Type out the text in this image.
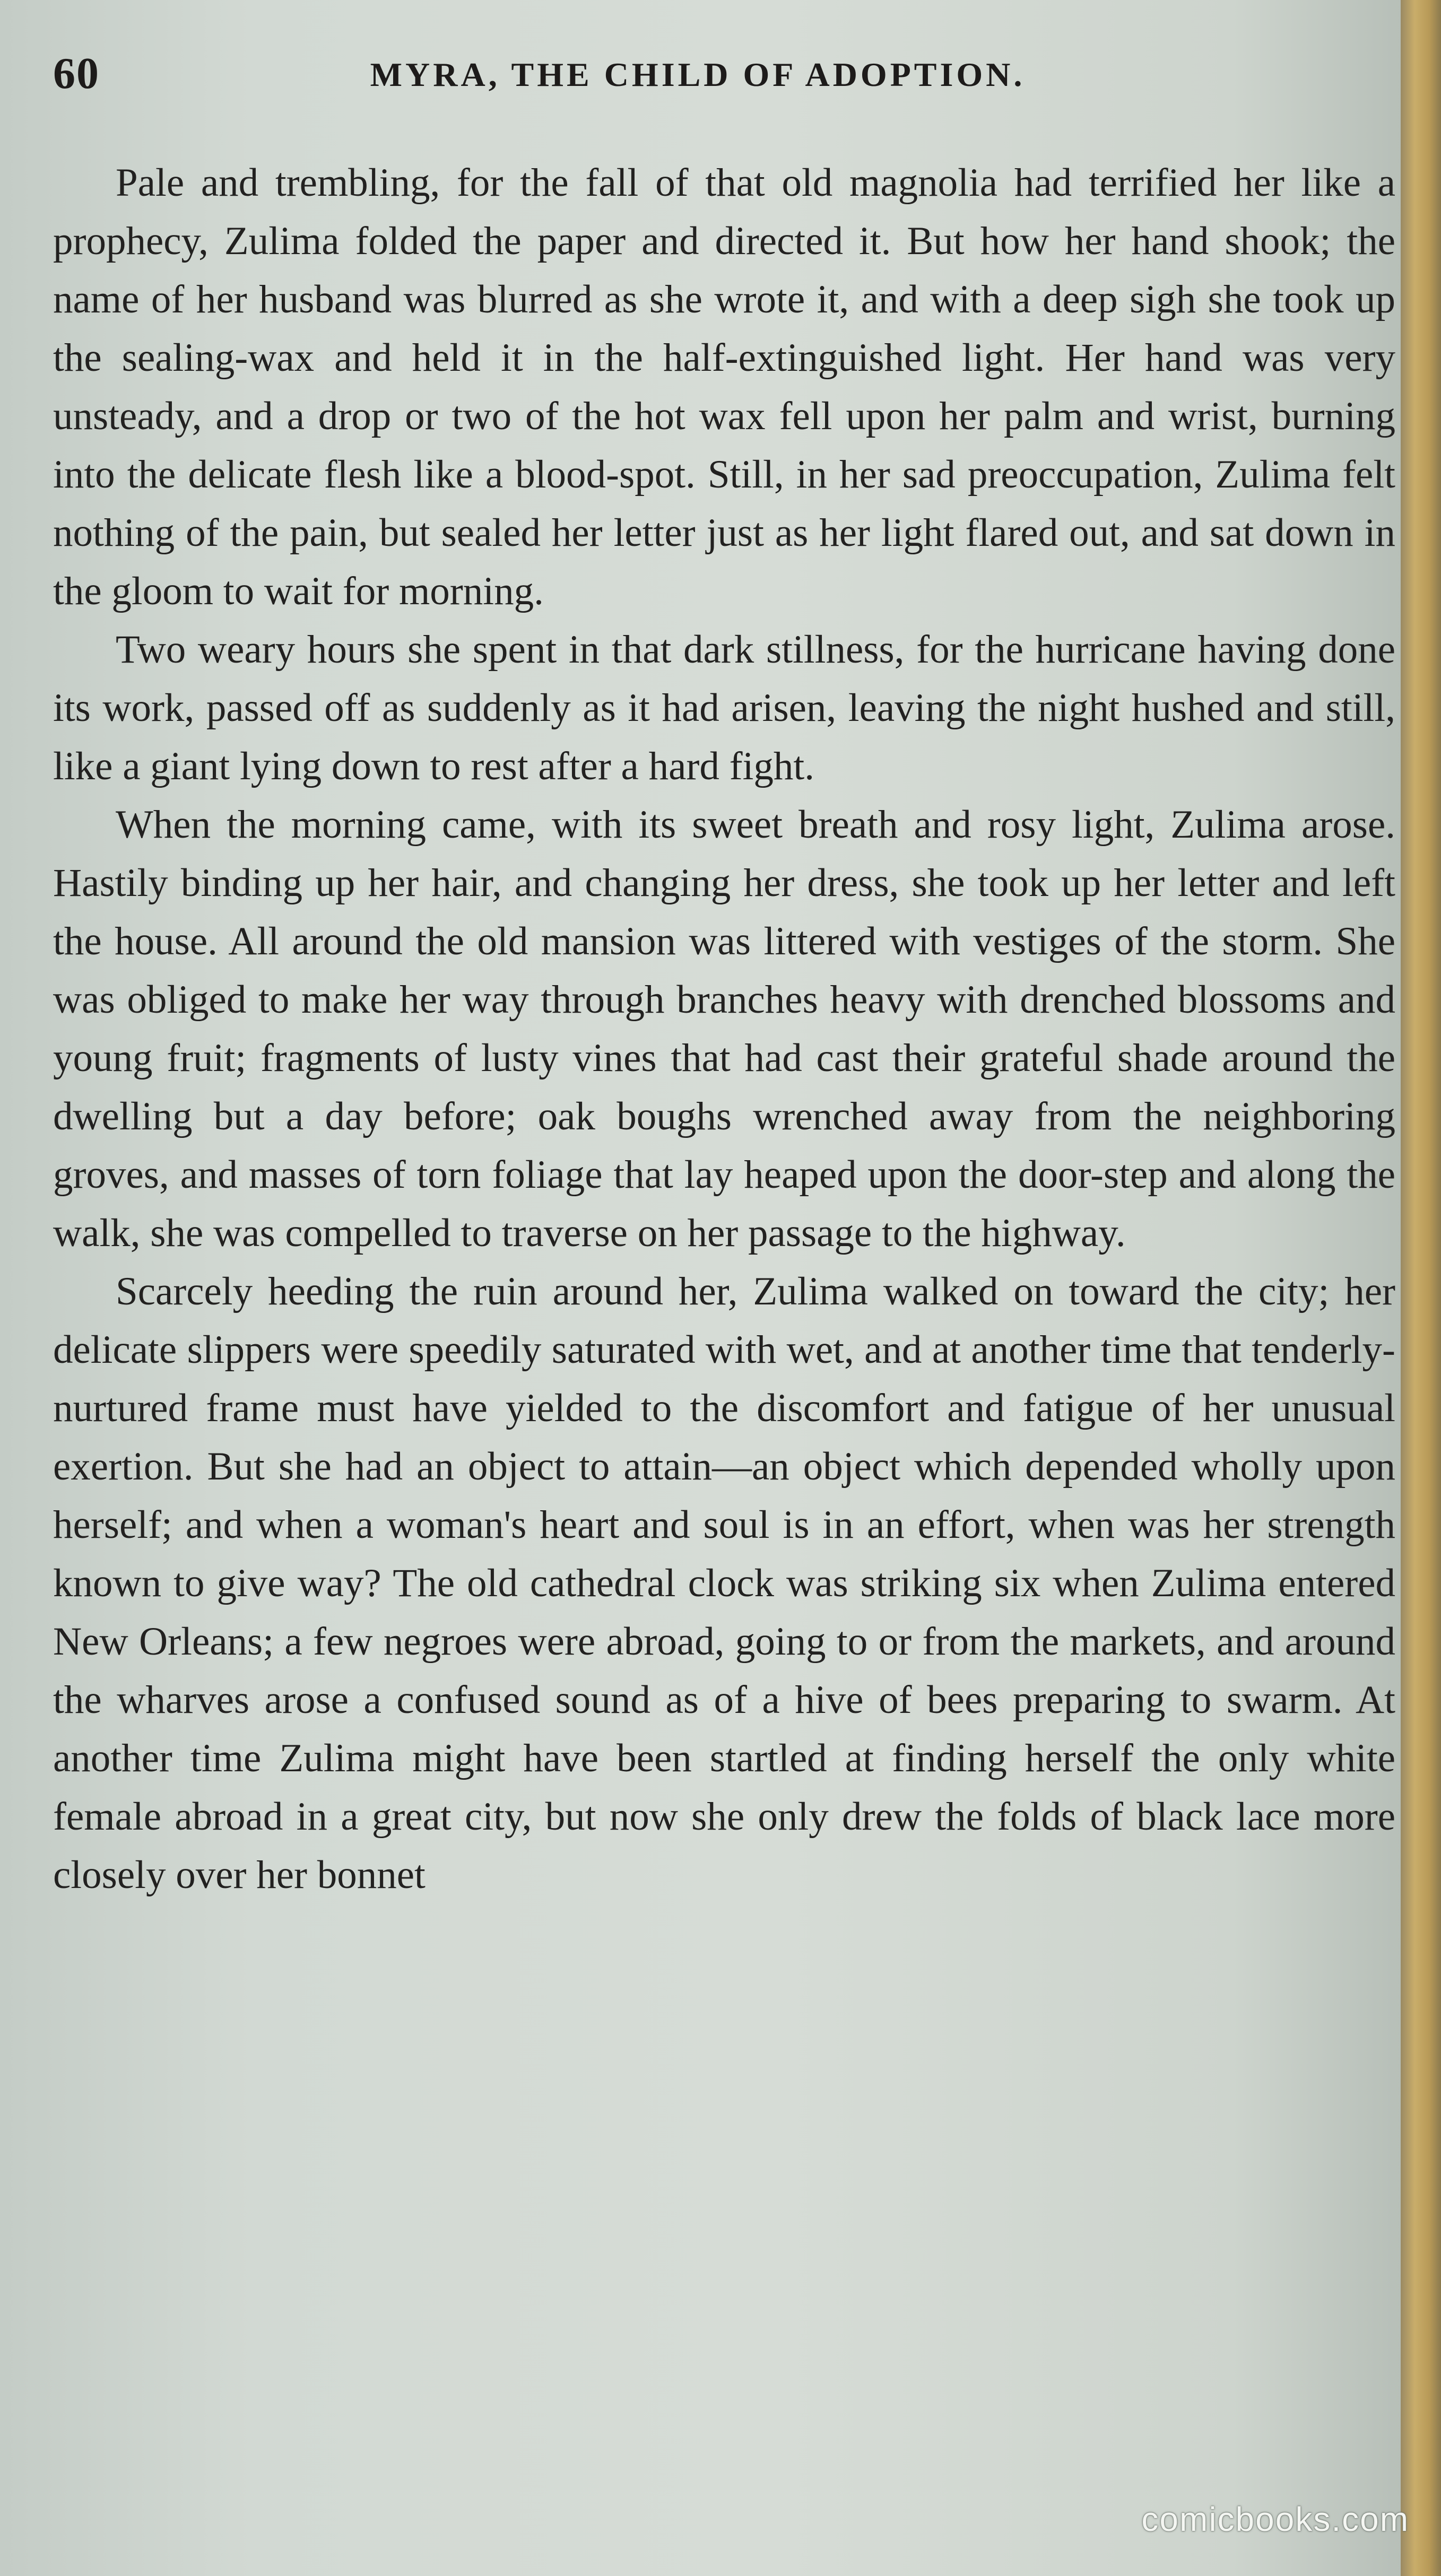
60	MYRA, THE CHILD OF ADOPTION.

Pale and trembling, for the fall of that old magnolia had terrified her like a prophecy, Zulima folded the paper and directed it. But how her hand shook; the name of her husband was blurred as she wrote it, and with a deep sigh she took up the sealing-wax and held it in the half-extinguished light. Her hand was very unsteady, and a drop or two of the hot wax fell upon her palm and wrist, burning into the delicate flesh like a blood-spot. Still, in her sad preoccupation, Zulima felt nothing of the pain, but sealed her letter just as her light flared out, and sat down in the gloom to wait for morning.

Two weary hours she spent in that dark stillness, for the hurricane having done its work, passed off as suddenly as it had arisen, leaving the night hushed and still, like a giant lying down to rest after a hard fight.

When the morning came, with its sweet breath and rosy light, Zulima arose. Hastily binding up her hair, and changing her dress, she took up her letter and left the house. All around the old mansion was littered with vestiges of the storm. She was obliged to make her way through branches heavy with drenched blossoms and young fruit; fragments of lusty vines that had cast their grateful shade around the dwelling but a day before; oak boughs wrenched away from the neighboring groves, and masses of torn foliage that lay heaped upon the door-step and along the walk, she was compelled to traverse on her passage to the highway.

Scarcely heeding the ruin around her, Zulima walked on toward the city; her delicate slippers were speedily saturated with wet, and at another time that tenderly-nurtured frame must have yielded to the discomfort and fatigue of her unusual exertion. But she had an object to attain—an object which depended wholly upon herself; and when a woman's heart and soul is in an effort, when was her strength known to give way? The old cathedral clock was striking six when Zulima entered New Orleans; a few negroes were abroad, going to or from the markets, and around the wharves arose a confused sound as of a hive of bees preparing to swarm. At another time Zulima might have been startled at finding herself the only white female abroad in a great city, but now she only drew the folds of black lace more closely over her bonnet

comicbooks.com
